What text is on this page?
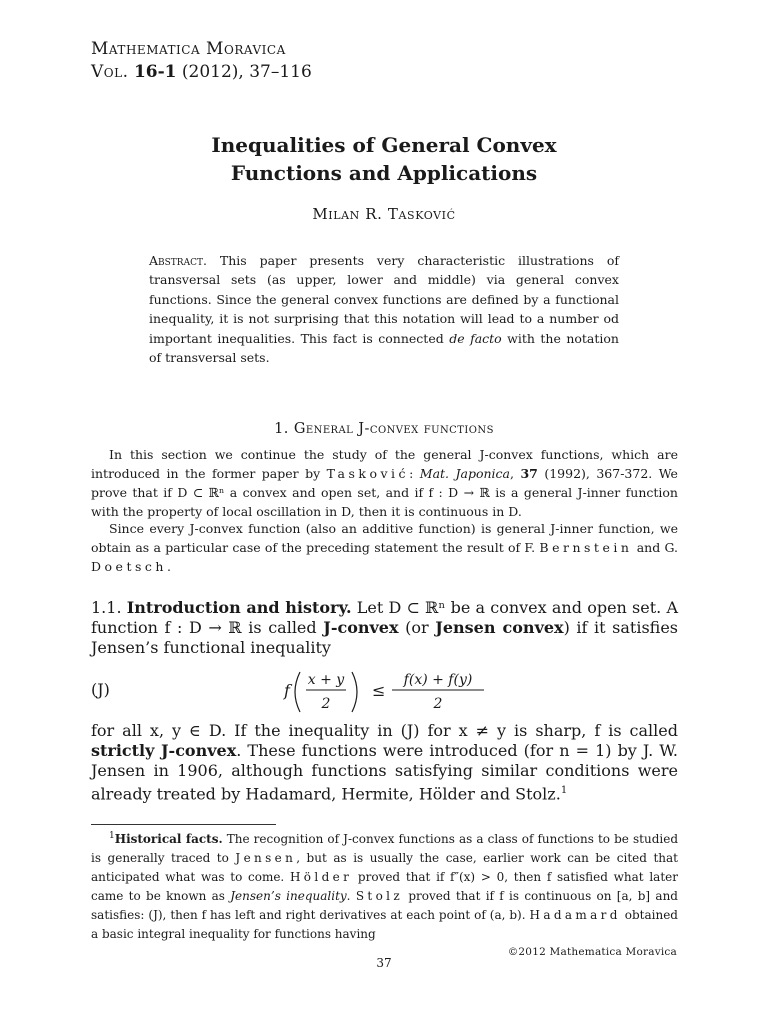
Mathematica Moravica
Vol. 16-1 (2012), 37–116
Inequalities of General Convex
Functions and Applications
Milan R. Tasković
Abstract. This paper presents very characteristic illustrations of transversal sets (as upper, lower and middle) via general convex functions. Since the general convex functions are defined by a functional inequality, it is not surprising that this notation will lead to a number od important inequalities. This fact is connected de facto with the notation of transversal sets.
1. General J-convex functions
In this section we continue the study of the general J-convex functions, which are introduced in the former paper by Tasković: Mat. Japonica, 37 (1992), 367-372. We prove that if D ⊂ ℝⁿ a convex and open set, and if f : D → ℝ is a general J-inner function with the property of local oscillation in D, then it is continuous in D.
Since every J-convex function (also an additive function) is general J-inner function, we obtain as a particular case of the preceding statement the result of F. Bernstein and G. Doetsch.
1.1. Introduction and history. Let D ⊂ ℝⁿ be a convex and open set. A function f : D → ℝ is called J-convex (or Jensen convex) if it satisfies Jensen’s functional inequality
(J)	f
x + y
2
≤
f(x) + f(y)
2
for all x, y ∈ D. If the inequality in (J) for x ≠ y is sharp, f is called strictly J-convex. These functions were introduced (for n = 1) by J. W. Jensen in 1906, although functions satisfying similar conditions were already treated by Hadamard, Hermite, Hölder and Stolz.$^1$
$^1$Historical facts. The recognition of J-convex functions as a class of functions to be studied is generally traced to Jensen, but as is usually the case, earlier work can be cited that anticipated what was to come. Hölder proved that if f″(x) > 0, then f satisfied what later came to be known as Jensen’s inequality. Stolz proved that if f is continuous on [a, b] and satisfies: (J), then f has left and right derivatives at each point of (a, b). Hadamard obtained a basic integral inequality for functions having
©2012 Mathematica Moravica
37
